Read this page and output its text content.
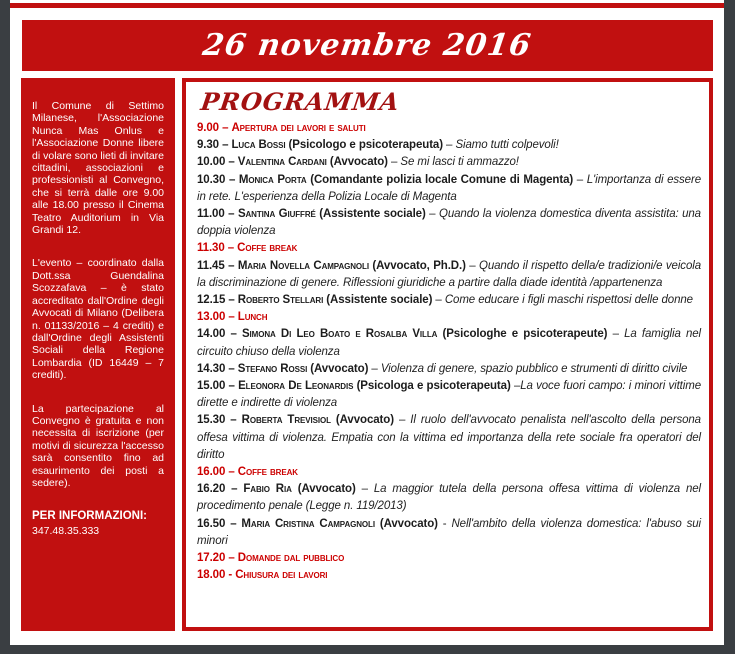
26 novembre 2016

Il Comune di Settimo Milanese, l'Associazione Nunca Mas Onlus e l'Associazione Donne libere di volare sono lieti di invitare cittadini, associazioni e professionisti al Convegno, che si terrà dalle ore 9.00 alle 18.00 presso il Cinema Teatro Auditorium in Via Grandi 12.

L'evento – coordinato dalla Dott.ssa Guendalina Scozzafava – è stato accreditato dall'Ordine degli Avvocati di Milano (Delibera n. 01133/2016 – 4 crediti) e dall'Ordine degli Assistenti Sociali della Regione Lombardia (ID 16449 – 7 crediti).

La partecipazione al Convegno è gratuita e non necessita di iscrizione (per motivi di sicurezza l'accesso sarà consentito fino ad esaurimento dei posti a sedere).

PER INFORMAZIONI:

347.48.35.333

PROGRAMMA

9.00 – Apertura dei lavori e saluti

9.30 – Luca Bossi (Psicologo e psicoterapeuta) – Siamo tutti colpevoli!

10.00 – Valentina Cardani (Avvocato) – Se mi lasci ti ammazzo!

10.30 – Monica Porta (Comandante polizia locale Comune di Magenta) – L'importanza di essere in rete. L'esperienza della Polizia Locale di Magenta

11.00 – Santina Giuffré (Assistente sociale) – Quando la violenza domestica diventa assistita: una doppia violenza

11.30 – Coffe break

11.45 – Maria Novella Campagnoli (Avvocato, Ph.D.) – Quando il rispetto della/e tradizioni/e veicola la discriminazione di genere. Riflessioni giuridiche a partire dalla diade identità /appartenenza

12.15 – Roberto Stellari (Assistente sociale) – Come educare i figli maschi rispettosi delle donne

13.00 – Lunch

14.00 – Simona Di Leo Boato e Rosalba Villa (Psicologhe e psicoterapeute) – La famiglia nel circuito chiuso della violenza

14.30 – Stefano Rossi (Avvocato) – Violenza di genere, spazio pubblico e strumenti di diritto civile

15.00 – Eleonora De Leonardis (Psicologa e psicoterapeuta) –La voce fuori campo: i minori vittime dirette e indirette di violenza

15.30 – Roberta Trevisiol (Avvocato) – Il ruolo dell'avvocato penalista nell'ascolto della persona offesa vittima di violenza. Empatia con la vittima ed importanza della rete sociale fra operatori del diritto

16.00 – Coffe break

16.20 – Fabio Ria (Avvocato) – La maggior tutela della persona offesa vittima di violenza nel procedimento penale (Legge n. 119/2013)

16.50 – Maria Cristina Campagnoli (Avvocato) - Nell'ambito della violenza domestica: l'abuso sui minori

17.20 – Domande dal pubblico

18.00 - Chiusura dei lavori
